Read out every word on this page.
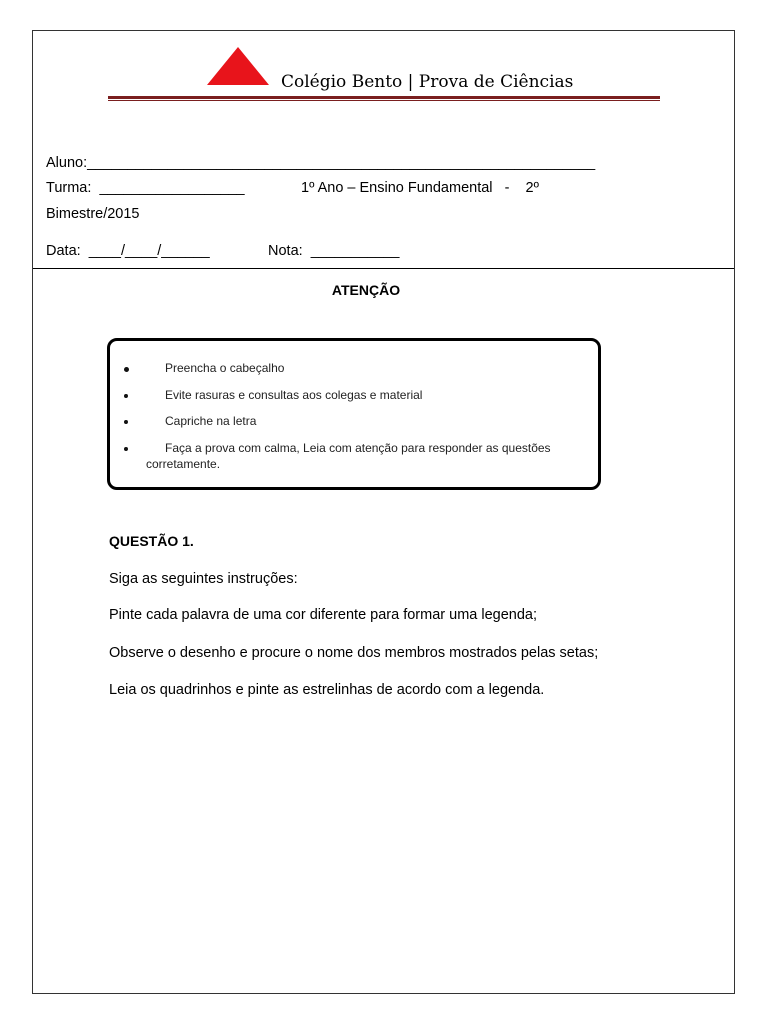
Colégio Bento | Prova de Ciências
Aluno:_______________________________________________________________
Turma:  __________________	1º Ano – Ensino Fundamental   -    2º
Bimestre/2015
Data:  ____/____/______	Nota:  ___________
ATENÇÃO
Preencha o cabeçalho
Evite rasuras e consultas aos colegas e material
Capriche na letra
Faça a prova com calma, Leia com atenção para responder as questões
corretamente.
QUESTÃO 1.
Siga as seguintes instruções:
Pinte cada palavra de uma cor diferente para formar uma legenda;
Observe o desenho e procure o nome dos membros mostrados pelas setas;
Leia os quadrinhos e pinte as estrelinhas de acordo com a legenda.
